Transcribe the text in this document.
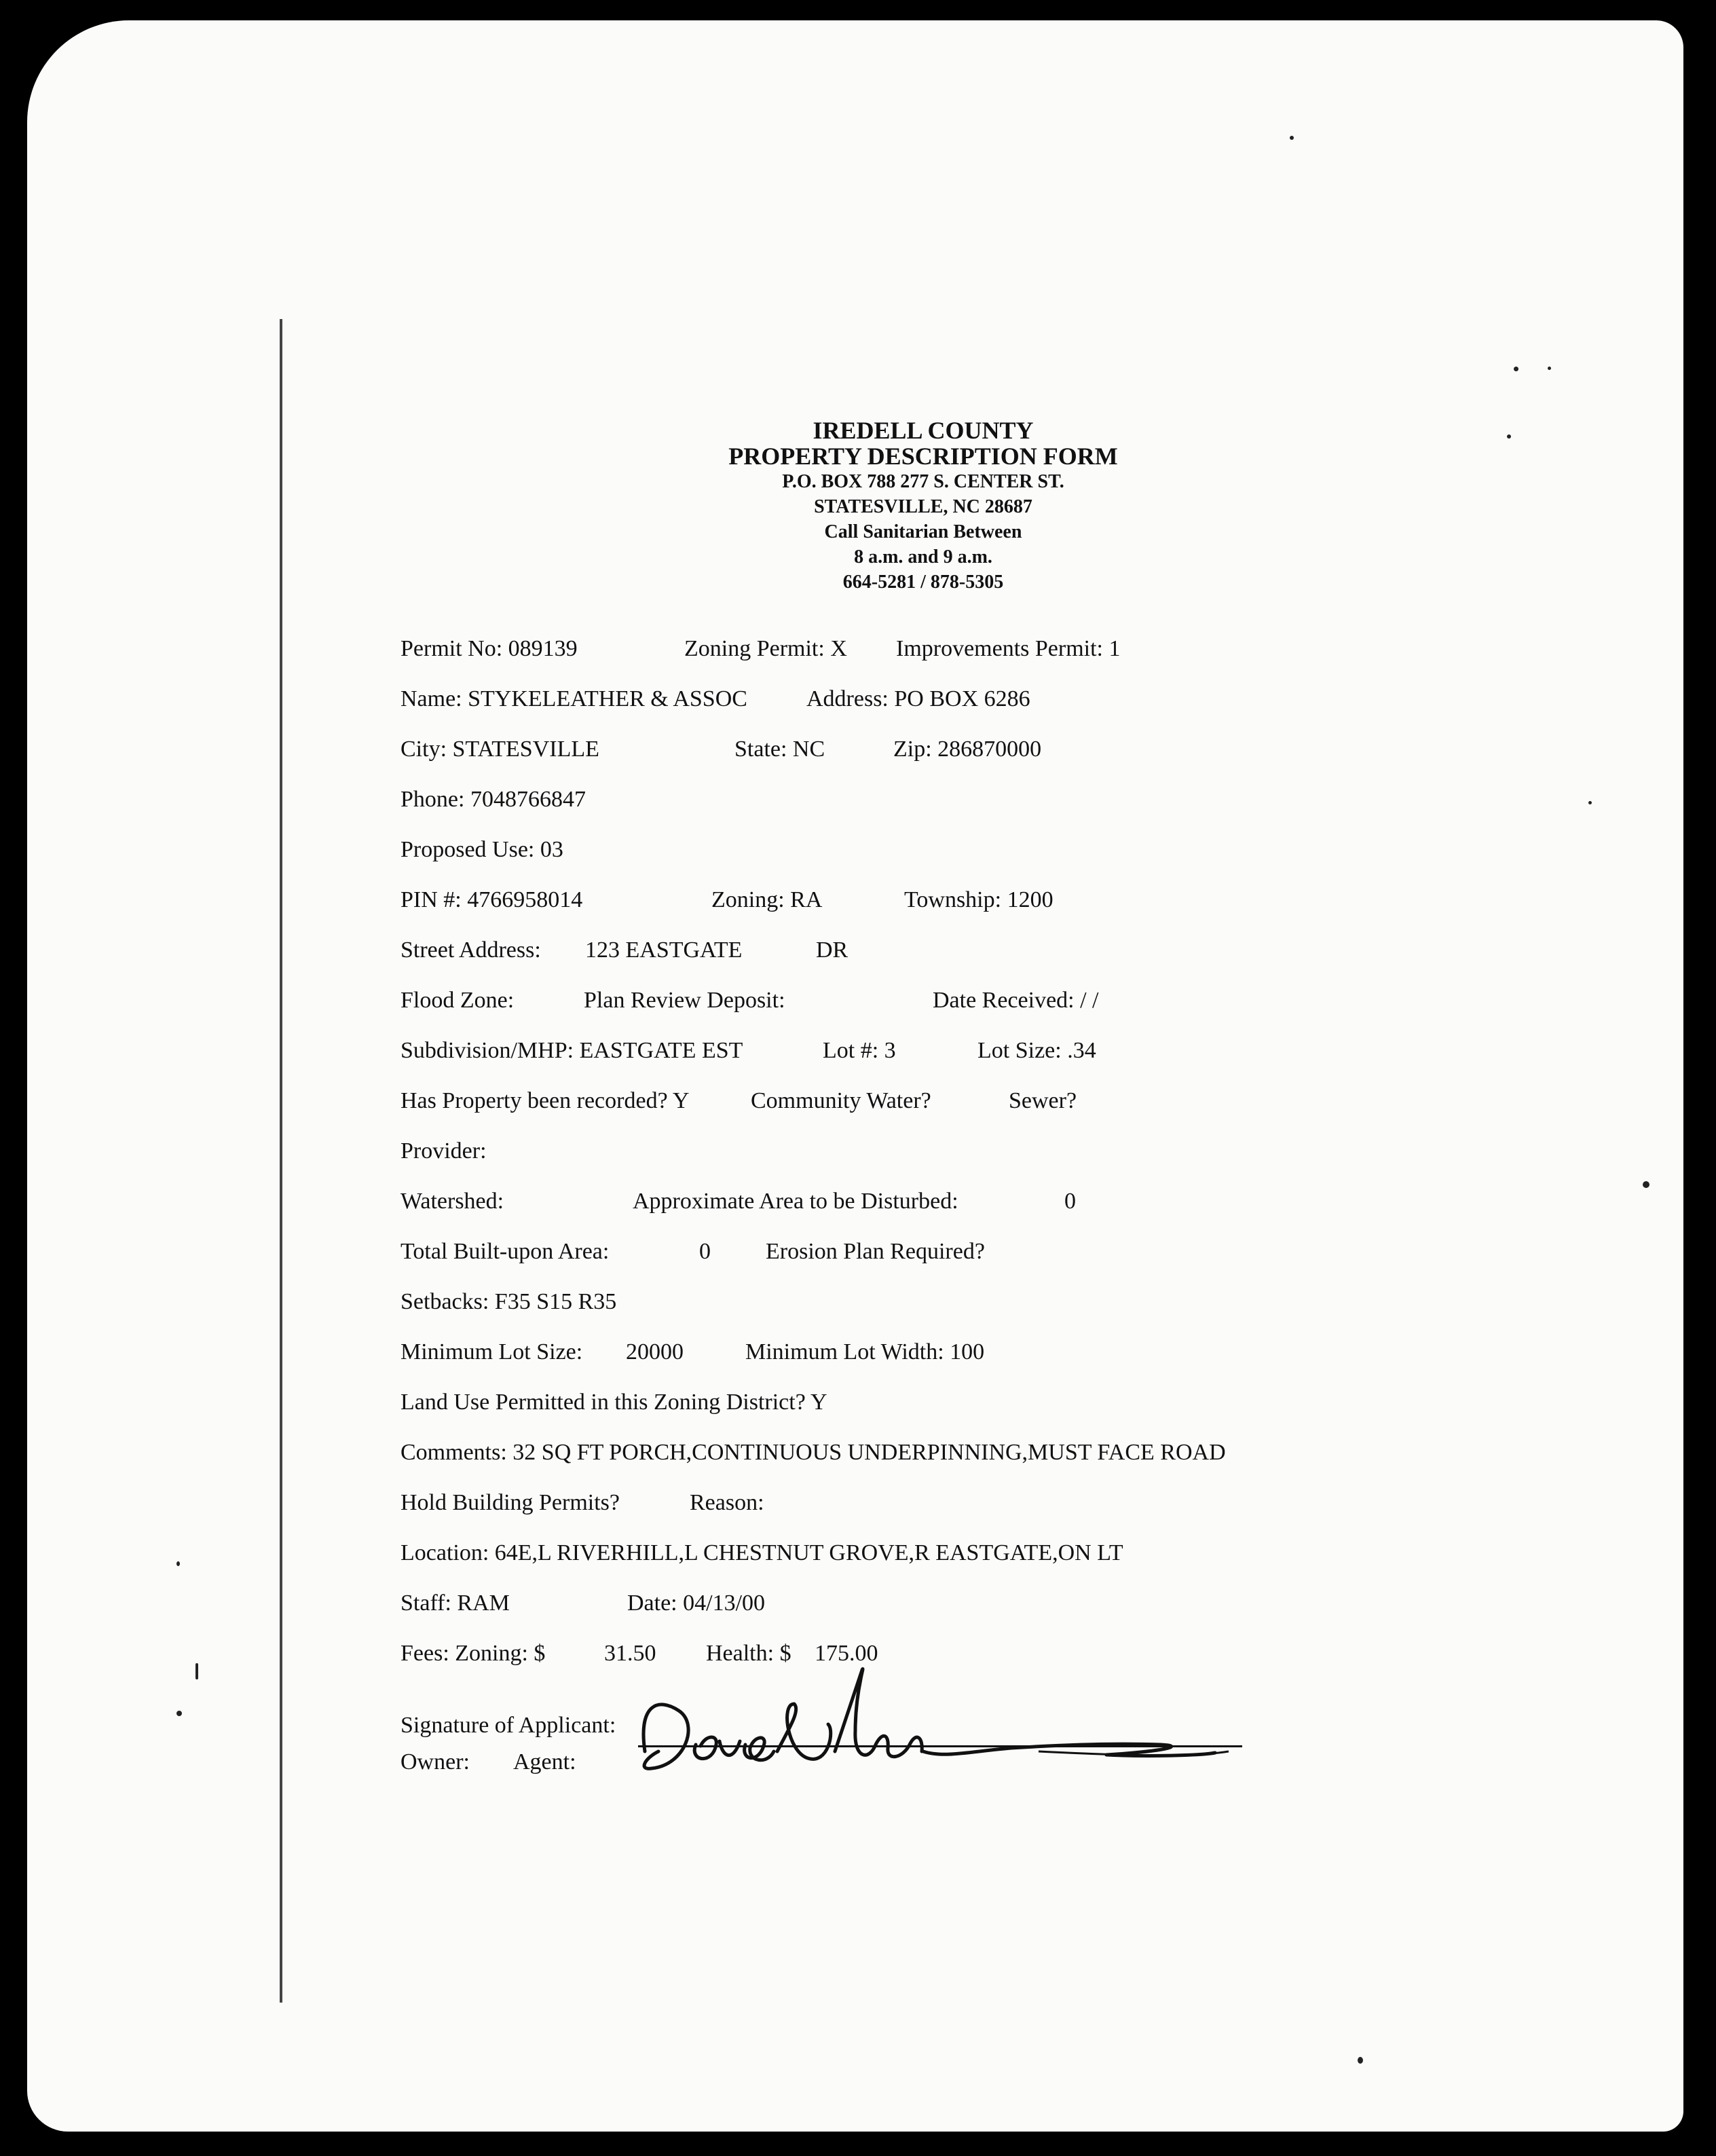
IREDELL COUNTY
PROPERTY DESCRIPTION FORM
P.O. BOX 788 277 S. CENTER ST.
STATESVILLE, NC 28687
Call Sanitarian Between
8 a.m. and 9 a.m.
664-5281 / 878-5305
Permit No: 089139	Zoning Permit: X Improvements Permit: 1
Name: STYKELEATHER & ASSOC	Address: PO BOX 6286
City: STATESVILLE	State: NC	Zip: 286870000
Phone: 7048766847
Proposed Use: 03
PIN #: 4766958014	Zoning: RA	Township: 1200
Street Address: 123 EASTGATE	DR
Flood Zone:	Plan Review Deposit:	Date Received: / /
Subdivision/MHP: EASTGATE EST	Lot #: 3	Lot Size: .34
Has Property been recorded? Y	Community Water?	Sewer?
Provider:
Watershed:	Approximate Area to be Disturbed:	0
Total Built-upon Area:	0 Erosion Plan Required?
Setbacks: F35 S15 R35
Minimum Lot Size: 20000	Minimum Lot Width: 100
Land Use Permitted in this Zoning District? Y
Comments: 32 SQ FT PORCH,CONTINUOUS UNDERPINNING,MUST FACE ROAD
Hold Building Permits?	Reason:
Location: 64E,L RIVERHILL,L CHESTNUT GROVE,R EASTGATE,ON LT
Staff: RAM	Date: 04/13/00
Fees: Zoning: $	31.50 Health: $ 175.00
Signature of Applicant:
Owner: Agent:
